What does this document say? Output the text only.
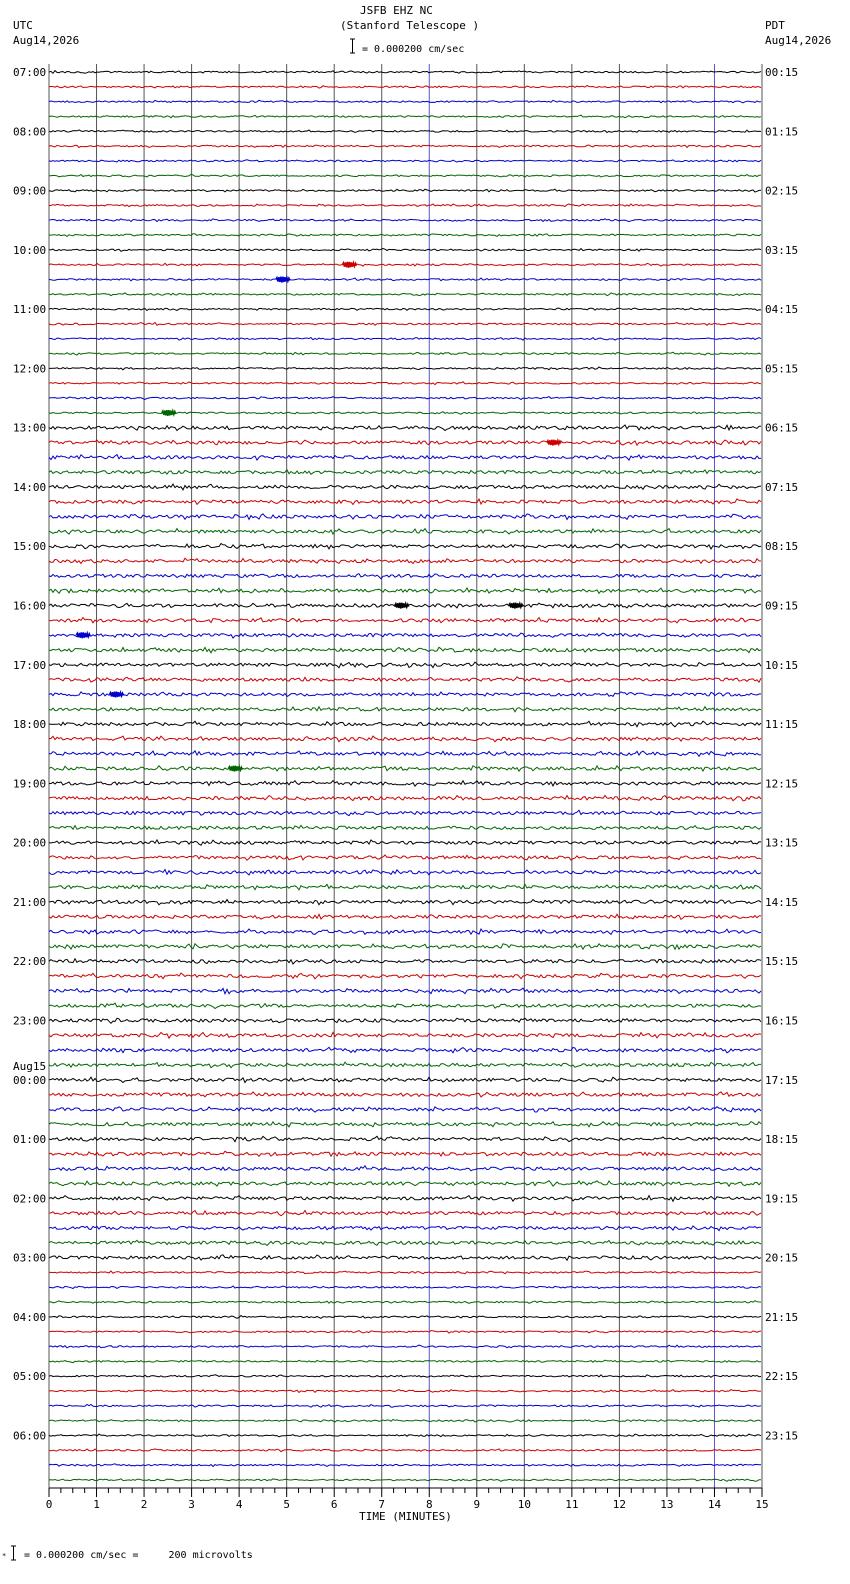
JSFB EHZ NC
(Stanford Telescope )
UTC
Aug14,2026
PDT
Aug14,2026
= 0.000200 cm/sec
= 0.000200 cm/sec =     200 microvolts
*
0	1	2	3	4	5	6	7	8	9	10	11	12	13	14	15
TIME (MINUTES)
07:00
08:00
09:00
10:00
11:00
12:00
13:00
14:00
15:00
16:00
17:00
18:00
19:00
20:00
21:00
22:00
23:00
00:00
01:00
02:00
03:00
04:00
05:00
06:00
00:15
01:15
02:15
03:15
04:15
05:15
06:15
07:15
08:15
09:15
10:15
11:15
12:15
13:15
14:15
15:15
16:15
17:15
18:15
19:15
20:15
21:15
22:15
23:15
Aug15
